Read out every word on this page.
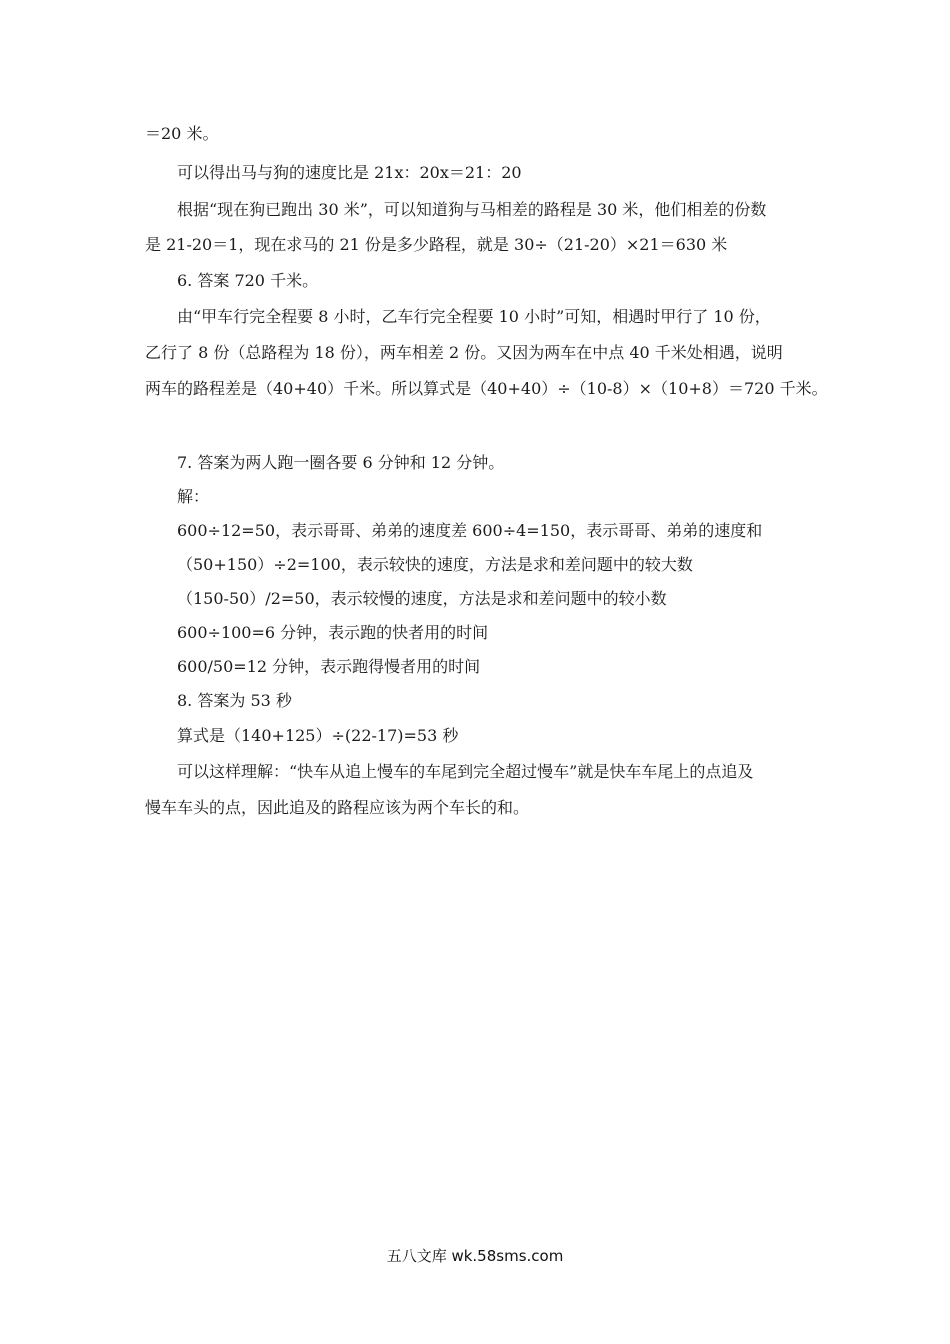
＝20 米。
可以得出马与狗的速度比是 21x：20x＝21：20
根据“现在狗已跑出 30 米”，可以知道狗与马相差的路程是 30 米，他们相差的份数
是 21-20＝1，现在求马的 21 份是多少路程，就是 30÷（21-20）×21＝630 米
6. 答案 720 千米。
由“甲车行完全程要 8 小时，乙车行完全程要 10 小时”可知，相遇时甲行了 10 份，
乙行了 8 份（总路程为 18 份），两车相差 2 份。又因为两车在中点 40 千米处相遇，说明
两车的路程差是（40+40）千米。所以算式是（40+40）÷（10-8）×（10+8）＝720 千米。
7. 答案为两人跑一圈各要 6 分钟和 12 分钟。
解：
600÷12=50，表示哥哥、弟弟的速度差 600÷4=150，表示哥哥、弟弟的速度和
（50+150）÷2=100，表示较快的速度，方法是求和差问题中的较大数
（150-50）/2=50，表示较慢的速度，方法是求和差问题中的较小数
600÷100=6 分钟，表示跑的快者用的时间
600/50=12 分钟，表示跑得慢者用的时间
8. 答案为 53 秒
算式是（140+125）÷(22-17)=53 秒
可以这样理解：“快车从追上慢车的车尾到完全超过慢车”就是快车车尾上的点追及
慢车车头的点，因此追及的路程应该为两个车长的和。
五八文库 wk.58sms.com
